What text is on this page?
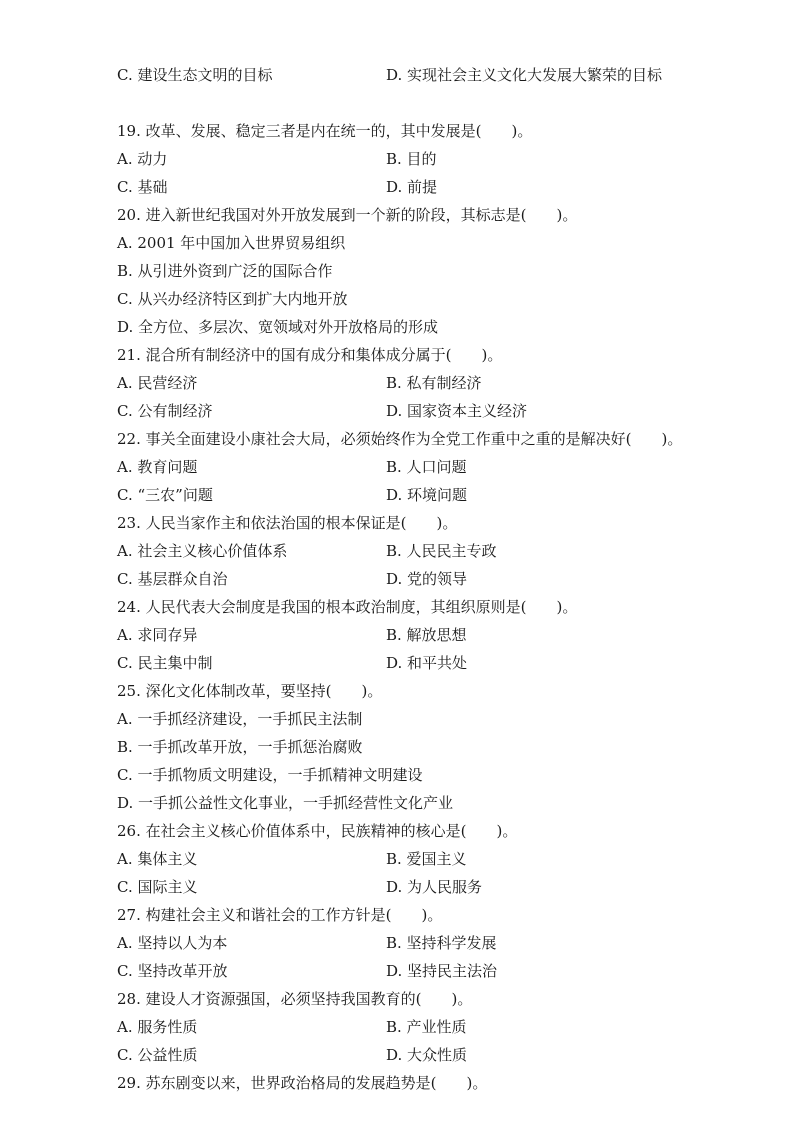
C. 建设生态文明的目标	D. 实现社会主义文化大发展大繁荣的目标
19. 改革、发展、稳定三者是内在统一的，其中发展是(　　)。
A. 动力	B. 目的
C. 基础	D. 前提
20. 进入新世纪我国对外开放发展到一个新的阶段，其标志是(　　)。
A. 2001 年中国加入世界贸易组织
B. 从引进外资到广泛的国际合作
C. 从兴办经济特区到扩大内地开放
D. 全方位、多层次、宽领域对外开放格局的形成
21. 混合所有制经济中的国有成分和集体成分属于(　　)。
A. 民营经济	B. 私有制经济
C. 公有制经济	D. 国家资本主义经济
22. 事关全面建设小康社会大局，必须始终作为全党工作重中之重的是解决好(　　)。
A. 教育问题	B. 人口问题
C. “三农”问题	D. 环境问题
23. 人民当家作主和依法治国的根本保证是(　　)。
A. 社会主义核心价值体系	B. 人民民主专政
C. 基层群众自治	D. 党的领导
24. 人民代表大会制度是我国的根本政治制度，其组织原则是(　　)。
A. 求同存异	B. 解放思想
C. 民主集中制	D. 和平共处
25. 深化文化体制改革，要坚持(　　)。
A. 一手抓经济建设，一手抓民主法制
B. 一手抓改革开放，一手抓惩治腐败
C. 一手抓物质文明建设，一手抓精神文明建设
D. 一手抓公益性文化事业，一手抓经营性文化产业
26. 在社会主义核心价值体系中，民族精神的核心是(　　)。
A. 集体主义	B. 爱国主义
C. 国际主义	D. 为人民服务
27. 构建社会主义和谐社会的工作方针是(　　)。
A. 坚持以人为本	B. 坚持科学发展
C. 坚持改革开放	D. 坚持民主法治
28. 建设人才资源强国，必须坚持我国教育的(　　)。
A. 服务性质	B. 产业性质
C. 公益性质	D. 大众性质
29. 苏东剧变以来，世界政治格局的发展趋势是(　　)。
